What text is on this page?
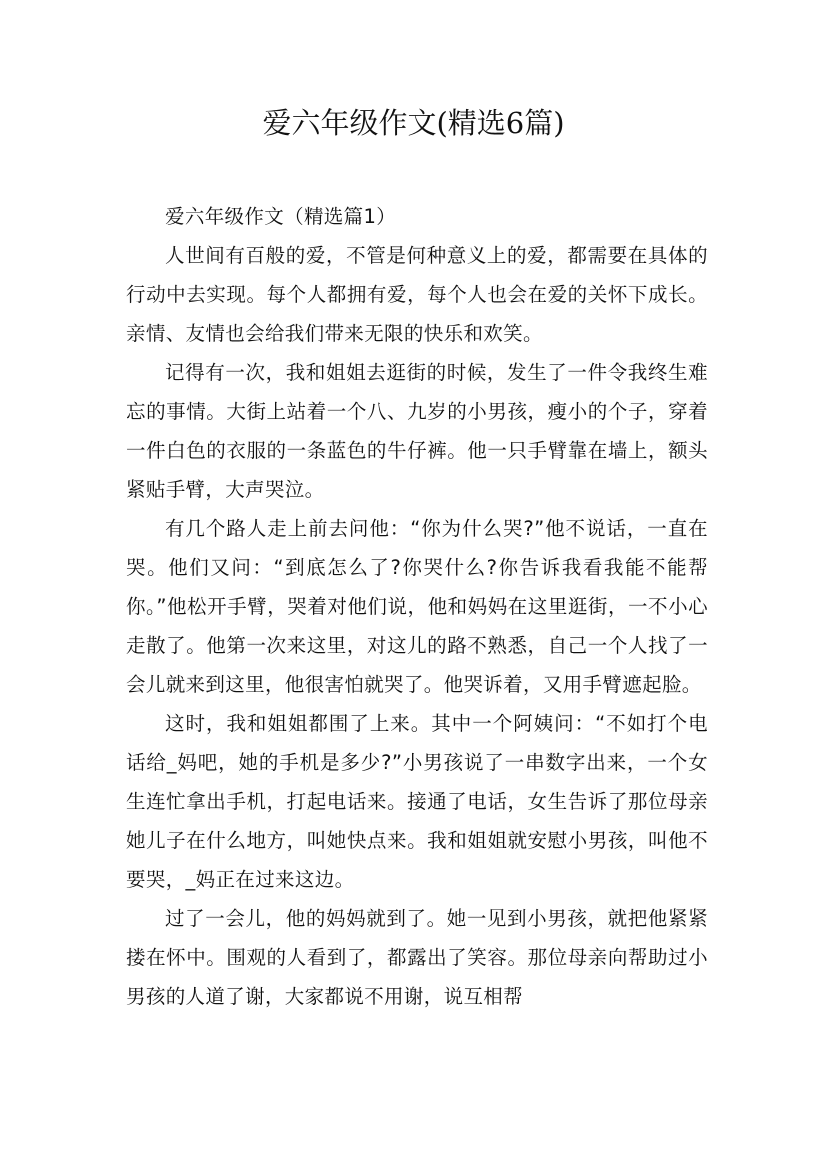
爱六年级作文(精选6篇)

爱六年级作文（精选篇1）

人世间有百般的爱，不管是何种意义上的爱，都需要在具体的行动中去实现。每个人都拥有爱，每个人也会在爱的关怀下成长。亲情、友情也会给我们带来无限的快乐和欢笑。

记得有一次，我和姐姐去逛街的时候，发生了一件令我终生难忘的事情。大街上站着一个八、九岁的小男孩，瘦小的个子，穿着一件白色的衣服的一条蓝色的牛仔裤。他一只手臂靠在墙上，额头紧贴手臂，大声哭泣。

有几个路人走上前去问他：“你为什么哭?”他不说话，一直在哭。他们又问：“到底怎么了?你哭什么?你告诉我看我能不能帮你。”他松开手臂，哭着对他们说，他和妈妈在这里逛街，一不小心走散了。他第一次来这里，对这儿的路不熟悉，自己一个人找了一会儿就来到这里，他很害怕就哭了。他哭诉着，又用手臂遮起脸。

这时，我和姐姐都围了上来。其中一个阿姨问：“不如打个电话给_妈吧，她的手机是多少?”小男孩说了一串数字出来，一个女生连忙拿出手机，打起电话来。接通了电话，女生告诉了那位母亲她儿子在什么地方，叫她快点来。我和姐姐就安慰小男孩，叫他不要哭，_妈正在过来这边。

过了一会儿，他的妈妈就到了。她一见到小男孩，就把他紧紧搂在怀中。围观的人看到了，都露出了笑容。那位母亲向帮助过小男孩的人道了谢，大家都说不用谢，说互相帮
